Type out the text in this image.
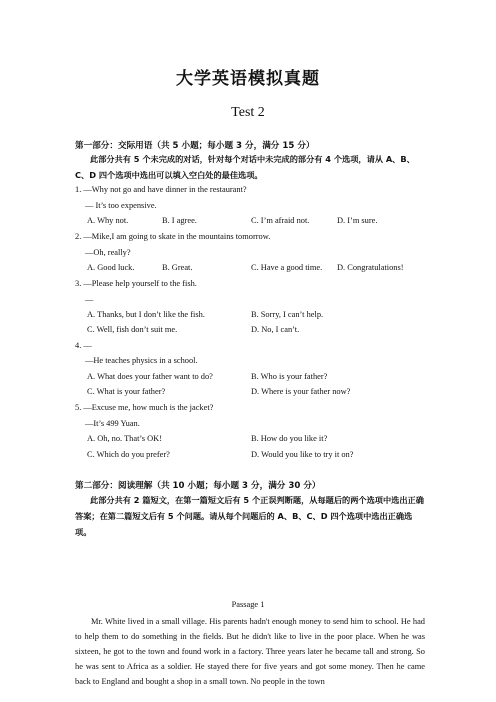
大学英语模拟真题
Test 2
第一部分：交际用语（共 5 小题；每小题 3 分，满分 15 分）
此部分共有 5 个未完成的对话，针对每个对话中未完成的部分有 4 个选项，请从 A、B、C、D 四个选项中选出可以填入空白处的最佳选项。
1. —Why not go and have dinner in the restaurant?
— It’s too expensive.
A. Why not.	B. I agree.	C. I’m afraid not.	D. I’m sure.
2. —Mike,I am going to skate in the mountains tomorrow.
—Oh, really?
A. Good luck.	B. Great.	C. Have a good time. D. Congratulations!
3. —Please help yourself to the fish.
—
A. Thanks, but I don’t like the fish.	B. Sorry, I can’t help.
C. Well, fish don’t suit me.	D. No, I can’t.
4. —
—He teaches physics in a school.
A. What does your father want to do?	B. Who is your father?
C. What is your father?	D. Where is your father now?
5. —Excuse me, how much is the jacket?
—It’s 499 Yuan.
A. Oh, no. That’s OK!	B. How do you like it?
C. Which do you prefer?	D. Would you like to try it on?
第二部分：阅读理解（共 10 小题；每小题 3 分，满分 30 分）
此部分共有 2 篇短文，在第一篇短文后有 5 个正误判断题，从每题后的两个选项中选出正确答案；在第二篇短文后有 5 个问题。请从每个问题后的 A、B、C、D 四个选项中选出正确选项。
Passage 1
Mr. White lived in a small village. His parents hadn't enough money to send him to school. He had to help them to do something in the fields. But he didn't like to live in the poor place. When he was sixteen, he got to the town and found work in a factory. Three years later he became tall and strong. So he was sent to Africa as a soldier. He stayed there for five years and got some money. Then he came back to England and bought a shop in a small town. No people in the town
